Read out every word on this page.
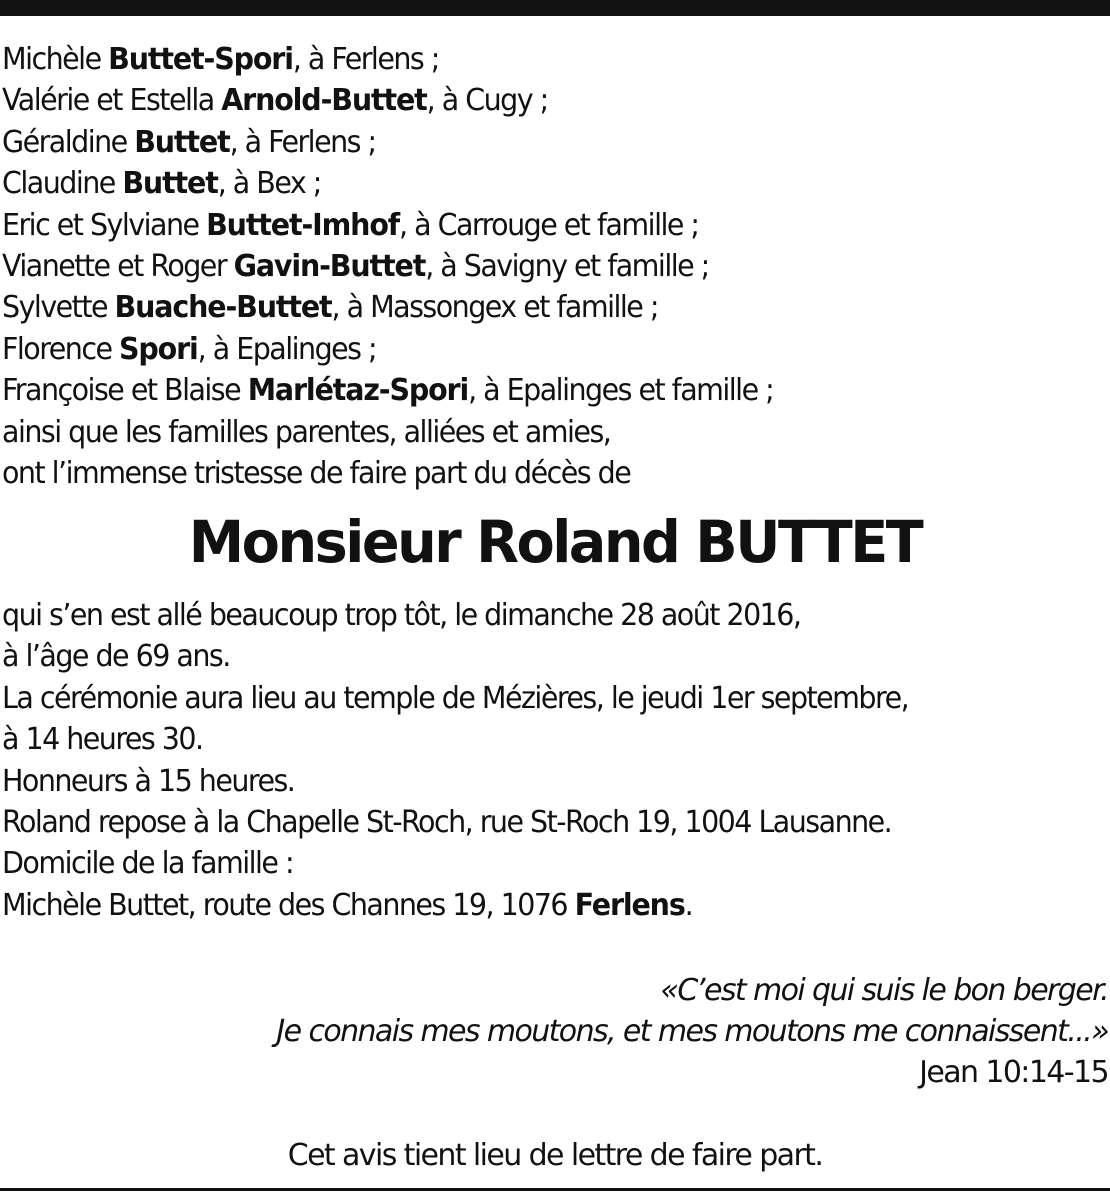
Michèle Buttet-Spori, à Ferlens ;
Valérie et Estella Arnold-Buttet, à Cugy ;
Géraldine Buttet, à Ferlens ;
Claudine Buttet, à Bex ;
Eric et Sylviane Buttet-Imhof, à Carrouge et famille ;
Vianette et Roger Gavin-Buttet, à Savigny et famille ;
Sylvette Buache-Buttet, à Massongex et famille ;
Florence Spori, à Epalinges ;
Françoise et Blaise Marlétaz-Spori, à Epalinges et famille ;
ainsi que les familles parentes, alliées et amies,
ont l’immense tristesse de faire part du décès de
Monsieur Roland BUTTET
qui s’en est allé beaucoup trop tôt, le dimanche 28 août 2016,
à l’âge de 69 ans.
La cérémonie aura lieu au temple de Mézières, le jeudi 1er septembre,
à 14 heures 30.
Honneurs à 15 heures.
Roland repose à la Chapelle St-Roch, rue St-Roch 19, 1004 Lausanne.
Domicile de la famille :
Michèle Buttet, route des Channes 19, 1076 Ferlens.
«C’est moi qui suis le bon berger.
Je connais mes moutons, et mes moutons me connaissent...»
Jean 10:14-15
Cet avis tient lieu de lettre de faire part.
